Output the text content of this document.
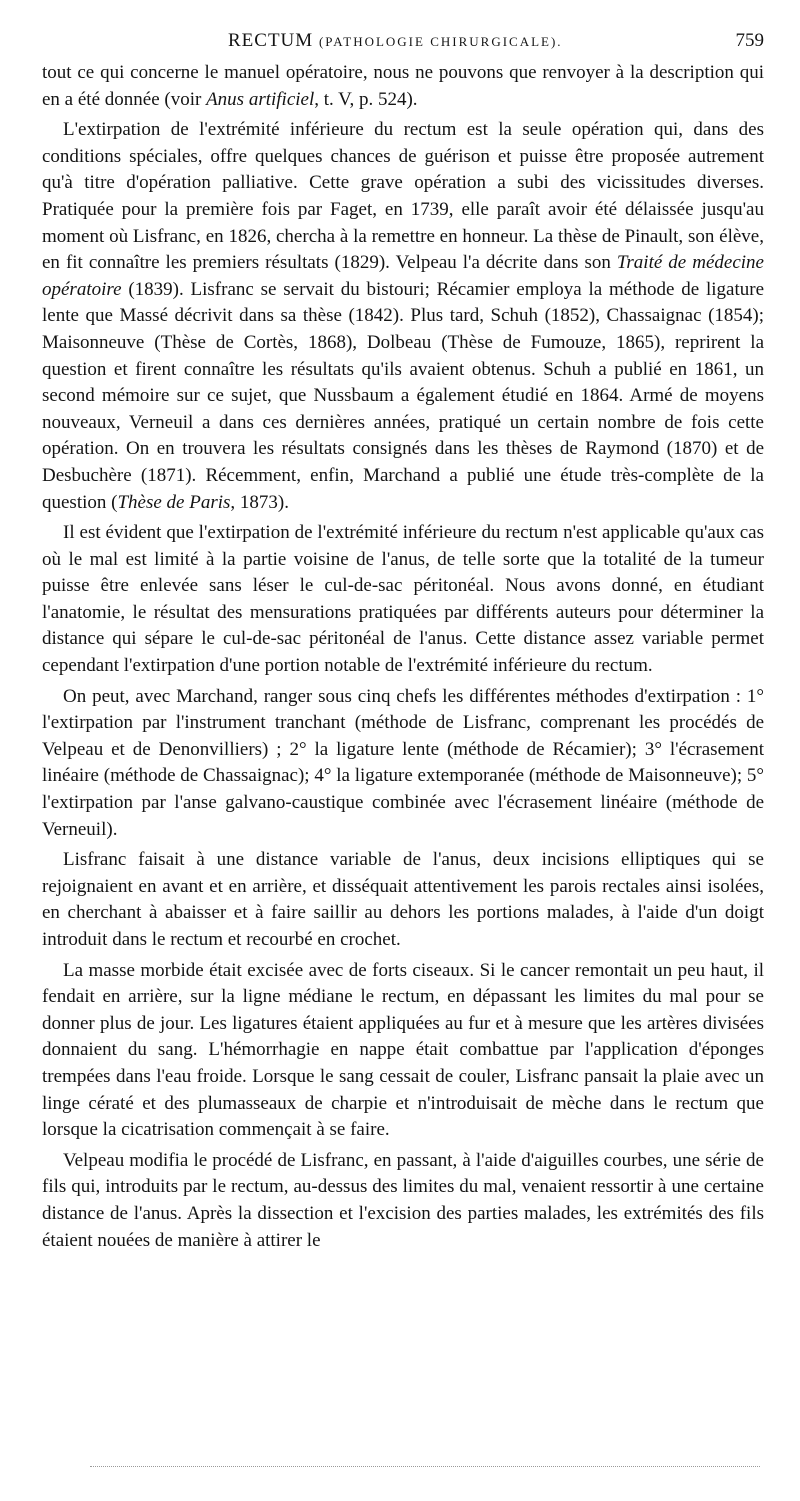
RECTUM (PATHOLOGIE CHIRURGICALE).	759

tout ce qui concerne le manuel opératoire, nous ne pouvons que renvoyer à la description qui en a été donnée (voir Anus artificiel, t. V, p. 524).

L'extirpation de l'extrémité inférieure du rectum est la seule opération qui, dans des conditions spéciales, offre quelques chances de guérison et puisse être proposée autrement qu'à titre d'opération palliative. Cette grave opération a subi des vicissitudes diverses. Pratiquée pour la première fois par Faget, en 1739, elle paraît avoir été délaissée jusqu'au moment où Lisfranc, en 1826, chercha à la remettre en honneur. La thèse de Pinault, son élève, en fit connaître les premiers résultats (1829). Velpeau l'a décrite dans son Traité de médecine opératoire (1839). Lisfranc se servait du bistouri; Récamier employa la méthode de ligature lente que Massé décrivit dans sa thèse (1842). Plus tard, Schuh (1852), Chassaignac (1854); Maisonneuve (Thèse de Cortès, 1868), Dolbeau (Thèse de Fumouze, 1865), reprirent la question et firent connaître les résultats qu'ils avaient obtenus. Schuh a publié en 1861, un second mémoire sur ce sujet, que Nussbaum a également étudié en 1864. Armé de moyens nouveaux, Verneuil a dans ces dernières années, pratiqué un certain nombre de fois cette opération. On en trouvera les résultats consignés dans les thèses de Raymond (1870) et de Desbuchère (1871). Récemment, enfin, Marchand a publié une étude très-complète de la question (Thèse de Paris, 1873).

Il est évident que l'extirpation de l'extrémité inférieure du rectum n'est applicable qu'aux cas où le mal est limité à la partie voisine de l'anus, de telle sorte que la totalité de la tumeur puisse être enlevée sans léser le cul-de-sac péritonéal. Nous avons donné, en étudiant l'anatomie, le résultat des mensurations pratiquées par différents auteurs pour déterminer la distance qui sépare le cul-de-sac péritonéal de l'anus. Cette distance assez variable permet cependant l'extirpation d'une portion notable de l'extrémité inférieure du rectum.

On peut, avec Marchand, ranger sous cinq chefs les différentes méthodes d'extirpation : 1° l'extirpation par l'instrument tranchant (méthode de Lisfranc, comprenant les procédés de Velpeau et de Denonvilliers) ; 2° la ligature lente (méthode de Récamier); 3° l'écrasement linéaire (méthode de Chassaignac); 4° la ligature extemporanée (méthode de Maisonneuve); 5° l'extirpation par l'anse galvano-caustique combinée avec l'écrasement linéaire (méthode de Verneuil).

Lisfranc faisait à une distance variable de l'anus, deux incisions elliptiques qui se rejoignaient en avant et en arrière, et disséquait attentivement les parois rectales ainsi isolées, en cherchant à abaisser et à faire saillir au dehors les portions malades, à l'aide d'un doigt introduit dans le rectum et recourbé en crochet.

La masse morbide était excisée avec de forts ciseaux. Si le cancer remontait un peu haut, il fendait en arrière, sur la ligne médiane le rectum, en dépassant les limites du mal pour se donner plus de jour. Les ligatures étaient appliquées au fur et à mesure que les artères divisées donnaient du sang. L'hémorrhagie en nappe était combattue par l'application d'éponges trempées dans l'eau froide. Lorsque le sang cessait de couler, Lisfranc pansait la plaie avec un linge cératé et des plumasseaux de charpie et n'introduisait de mèche dans le rectum que lorsque la cicatrisation commençait à se faire.

Velpeau modifia le procédé de Lisfranc, en passant, à l'aide d'aiguilles courbes, une série de fils qui, introduits par le rectum, au-dessus des limites du mal, venaient ressortir à une certaine distance de l'anus. Après la dissection et l'excision des parties malades, les extrémités des fils étaient nouées de manière à attirer le
